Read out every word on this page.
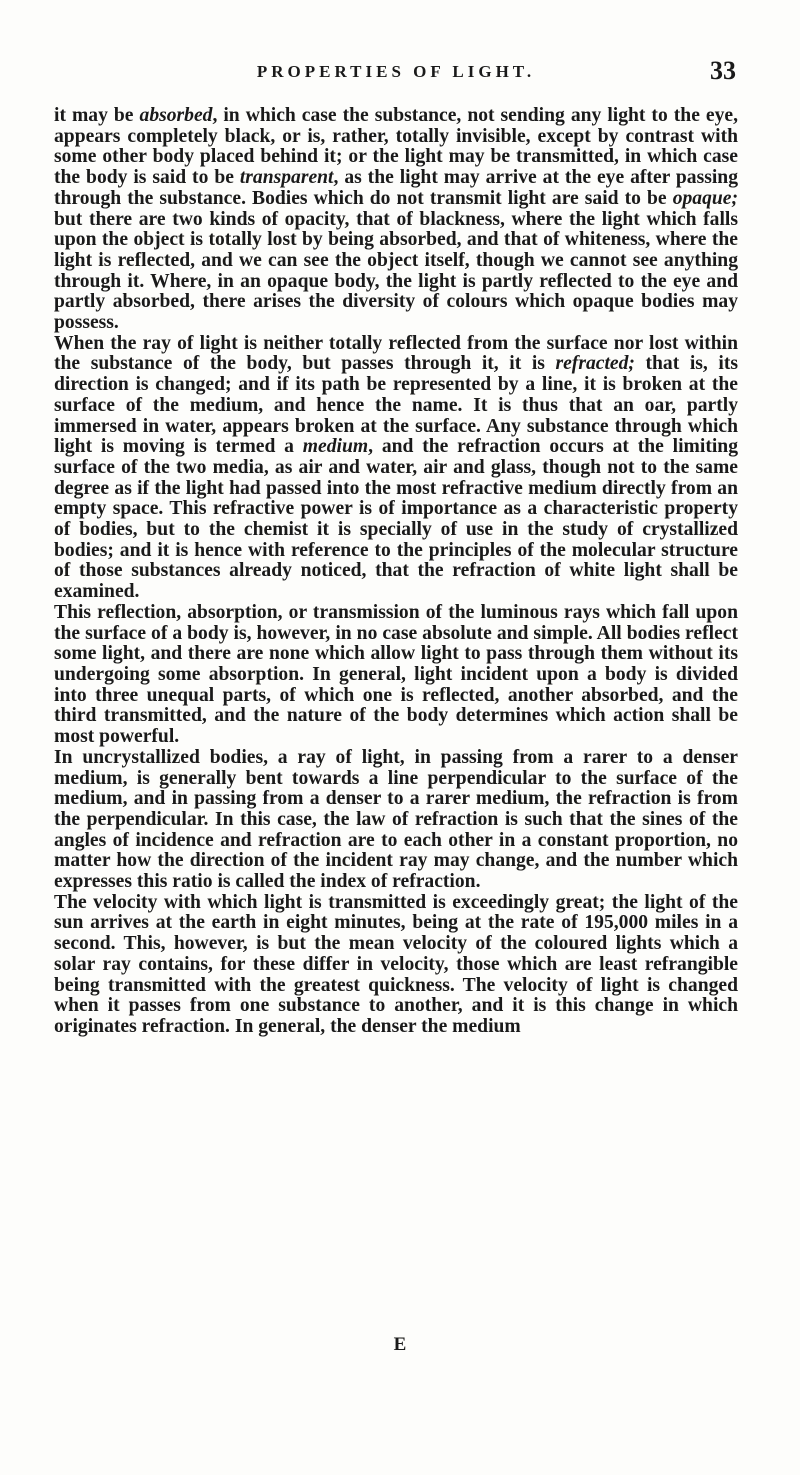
PROPERTIES OF LIGHT.	33

it may be absorbed, in which case the substance, not sending any light to the eye, appears completely black, or is, rather, totally invisible, except by contrast with some other body placed behind it; or the light may be transmitted, in which case the body is said to be transparent, as the light may arrive at the eye after passing through the substance. Bodies which do not transmit light are said to be opaque; but there are two kinds of opacity, that of blackness, where the light which falls upon the object is totally lost by being absorbed, and that of whiteness, where the light is reflected, and we can see the object itself, though we cannot see anything through it. Where, in an opaque body, the light is partly reflected to the eye and partly absorbed, there arises the diversity of colours which opaque bodies may possess.

When the ray of light is neither totally reflected from the surface nor lost within the substance of the body, but passes through it, it is refracted; that is, its direction is changed; and if its path be represented by a line, it is broken at the surface of the medium, and hence the name. It is thus that an oar, partly immersed in water, appears broken at the surface. Any substance through which light is moving is termed a medium, and the refraction occurs at the limiting surface of the two media, as air and water, air and glass, though not to the same degree as if the light had passed into the most refractive medium directly from an empty space. This refractive power is of importance as a characteristic property of bodies, but to the chemist it is specially of use in the study of crystallized bodies; and it is hence with reference to the principles of the molecular structure of those substances already noticed, that the refraction of white light shall be examined.

This reflection, absorption, or transmission of the luminous rays which fall upon the surface of a body is, however, in no case absolute and simple. All bodies reflect some light, and there are none which allow light to pass through them without its undergoing some absorption. In general, light incident upon a body is divided into three unequal parts, of which one is reflected, another absorbed, and the third transmitted, and the nature of the body determines which action shall be most powerful.

In uncrystallized bodies, a ray of light, in passing from a rarer to a denser medium, is generally bent towards a line perpendicular to the surface of the medium, and in passing from a denser to a rarer medium, the refraction is from the perpendicular. In this case, the law of refraction is such that the sines of the angles of incidence and refraction are to each other in a constant proportion, no matter how the direction of the incident ray may change, and the number which expresses this ratio is called the index of refraction.

The velocity with which light is transmitted is exceedingly great; the light of the sun arrives at the earth in eight minutes, being at the rate of 195,000 miles in a second. This, however, is but the mean velocity of the coloured lights which a solar ray contains, for these differ in velocity, those which are least refrangible being transmitted with the greatest quickness. The velocity of light is changed when it passes from one substance to another, and it is this change in which originates refraction. In general, the denser the medium

E
